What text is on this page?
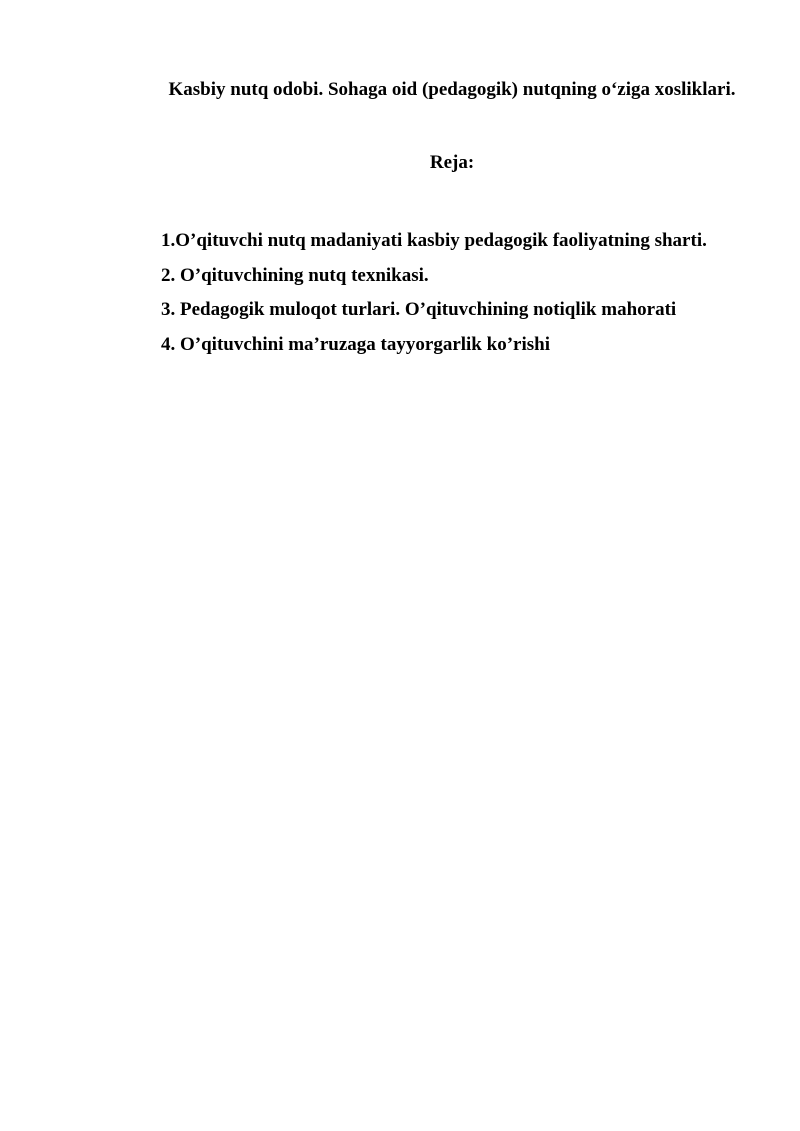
Kasbiy nutq odobi. Sohaga oid (pedagogik) nutqning o‘ziga xosliklari.
Reja:

1.O’qituvchi nutq madaniyati kasbiy pedagogik faoliyatning sharti.

2. O’qituvchining nutq texnikasi.

3. Pedagogik muloqot turlari. O’qituvchining notiqlik mahorati

4. O’qituvchini ma’ruzaga tayyorgarlik ko’rishi
